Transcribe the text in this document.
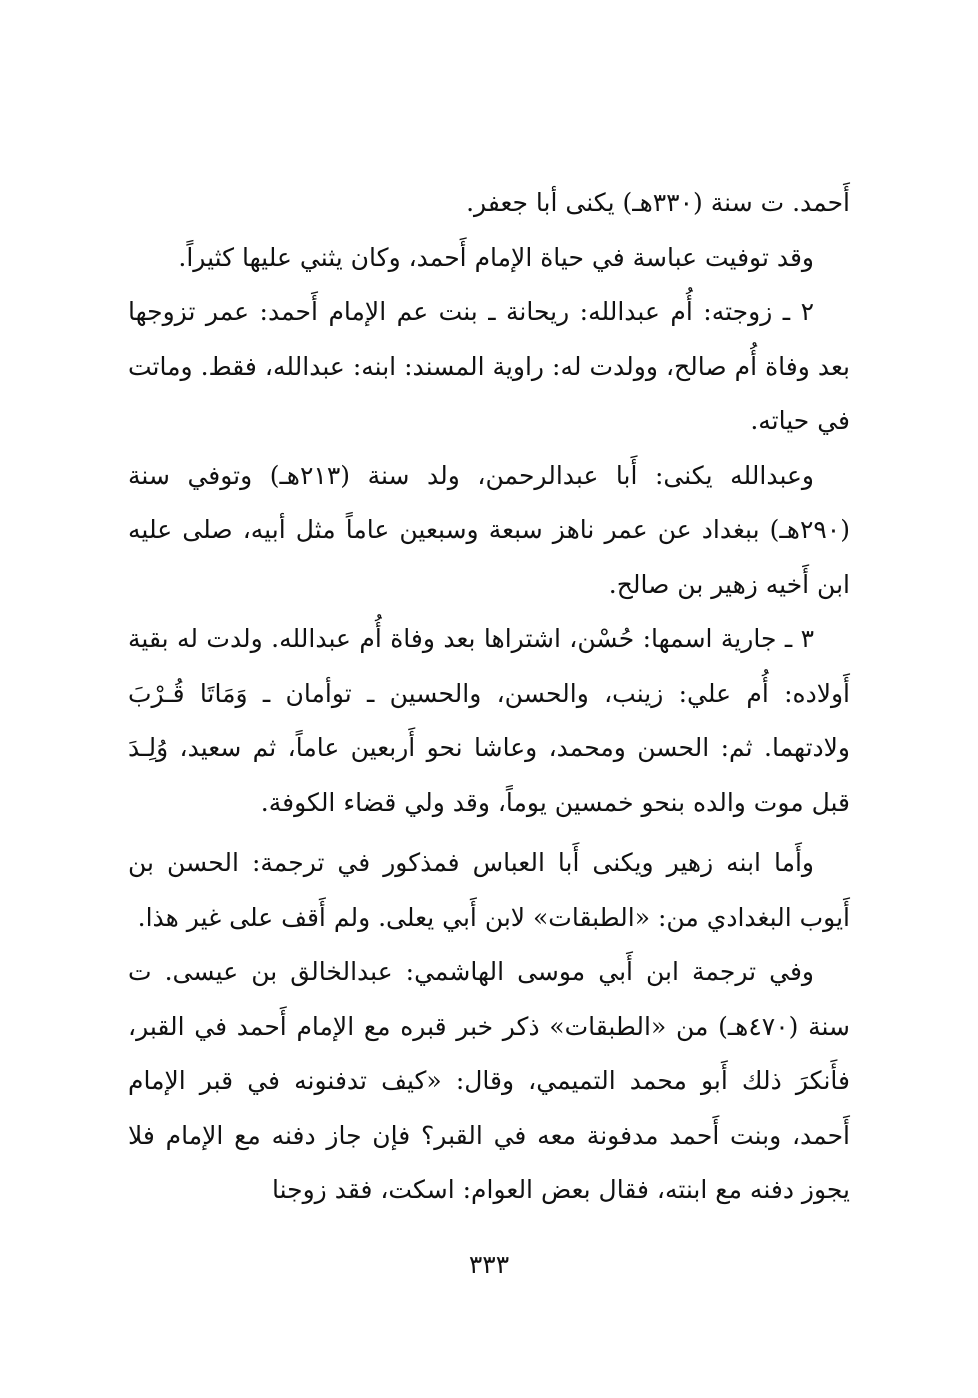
أَحمد. ت سنة (٣٣٠هـ) يكنى أبا جعفر.

وقد توفيت عباسة في حياة الإمام أَحمد، وكان يثني عليها كثيراً.

٢ ـ زوجته: أُم عبدالله: ريحانة ـ بنت عم الإمام أَحمد: عمر تزوجها بعد وفاة أُم صالح، وولدت له: راوية المسند: ابنه: عبدالله، فقط. وماتت في حياته.

وعبدالله يكنى: أَبا عبدالرحمن، ولد سنة (٢١٣هـ) وتوفي سنة (٢٩٠هـ) ببغداد عن عمر ناهز سبعة وسبعين عاماً مثل أبيه، صلى عليه ابن أَخيه زهير بن صالح.

٣ ـ جارية اسمها: حُسْن، اشتراها بعد وفاة أُم عبدالله. ولدت له بقية أَولاده: أُم علي: زينب، والحسن، والحسين ـ توأمان ـ وَمَاتَا قُـرْبَ ولادتهما. ثم: الحسن ومحمد، وعاشا نحو أَربعين عاماً، ثم سعيد، وُلِـدَ قبل موت والده بنحو خمسين يوماً، وقد ولي قضاء الكوفة.

وأَما ابنه زهير ويكنى أَبا العباس فمذكور في ترجمة: الحسن بن أَيوب البغدادي من: «الطبقات» لابن أَبي يعلى. ولم أَقف على غير هذا.

وفي ترجمة ابن أَبي موسى الهاشمي: عبدالخالق بن عيسى. ت سنة (٤٧٠هـ) من «الطبقات» ذكر خبر قبره مع الإمام أَحمد في القبر، فأَنكرَ ذلك أَبو محمد التميمي، وقال: «كيف تدفنونه في قبر الإمام أَحمد، وبنت أَحمد مدفونة معه في القبر؟ فإن جاز دفنه مع الإمام فلا يجوز دفنه مع ابنته، فقال بعض العوام: اسكت، فقد زوجنا

٣٣٣
